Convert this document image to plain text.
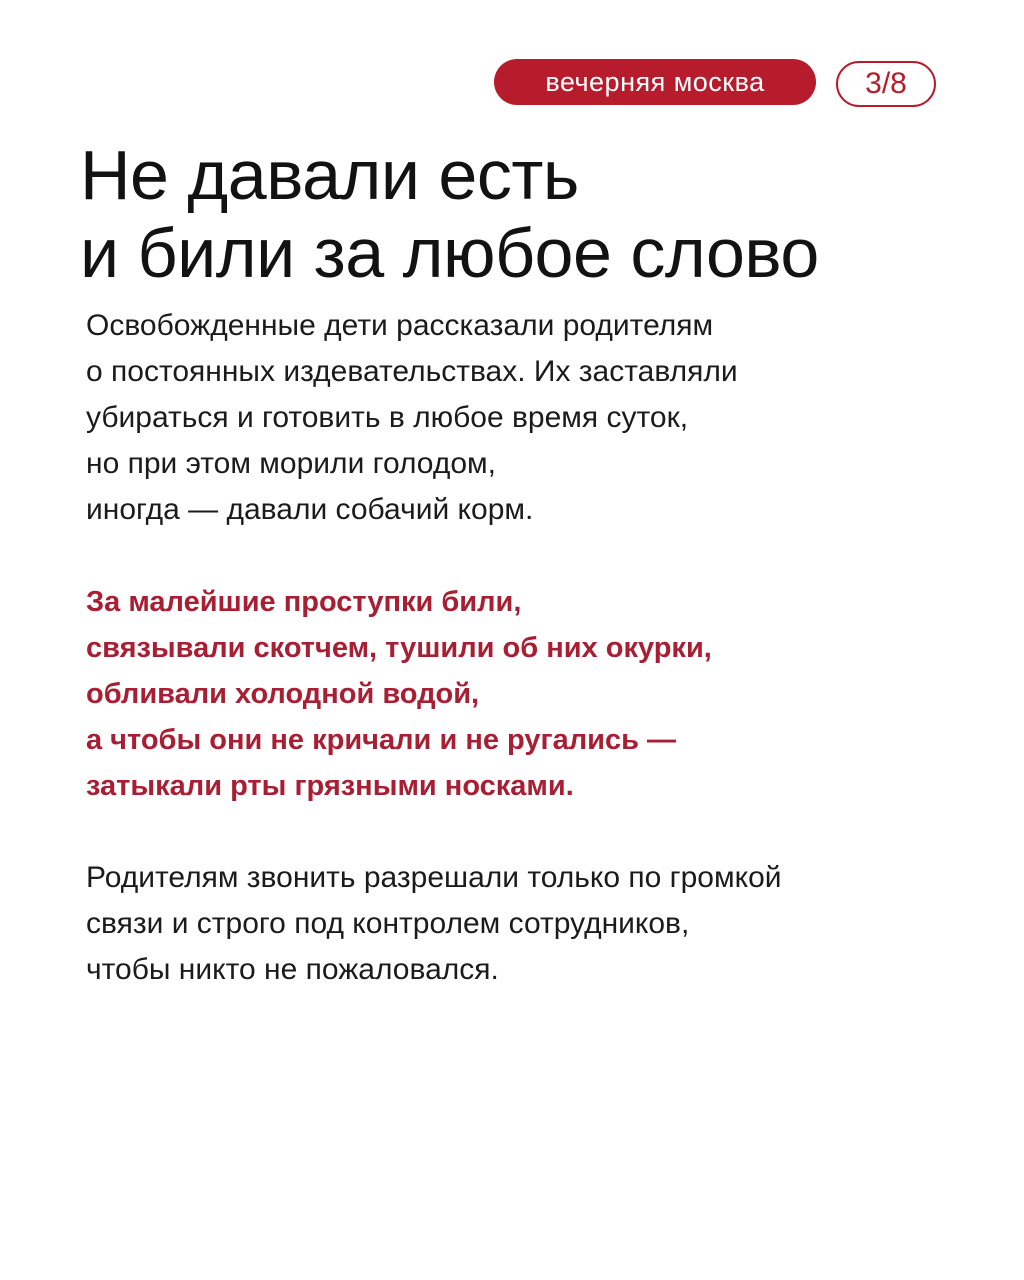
вечерняя москва	3/8
Не давали есть
и били за любое слово

Освобожденные дети рассказали родителям
о постоянных издевательствах. Их заставляли
убираться и готовить в любое время суток,
но при этом морили голодом,
иногда — давали собачий корм.

За малейшие проступки били,
связывали скотчем, тушили об них окурки,
обливали холодной водой,
а чтобы они не кричали и не ругались —
затыкали рты грязными носками.

Родителям звонить разрешали только по громкой
связи и строго под контролем сотрудников,
чтобы никто не пожаловался.
